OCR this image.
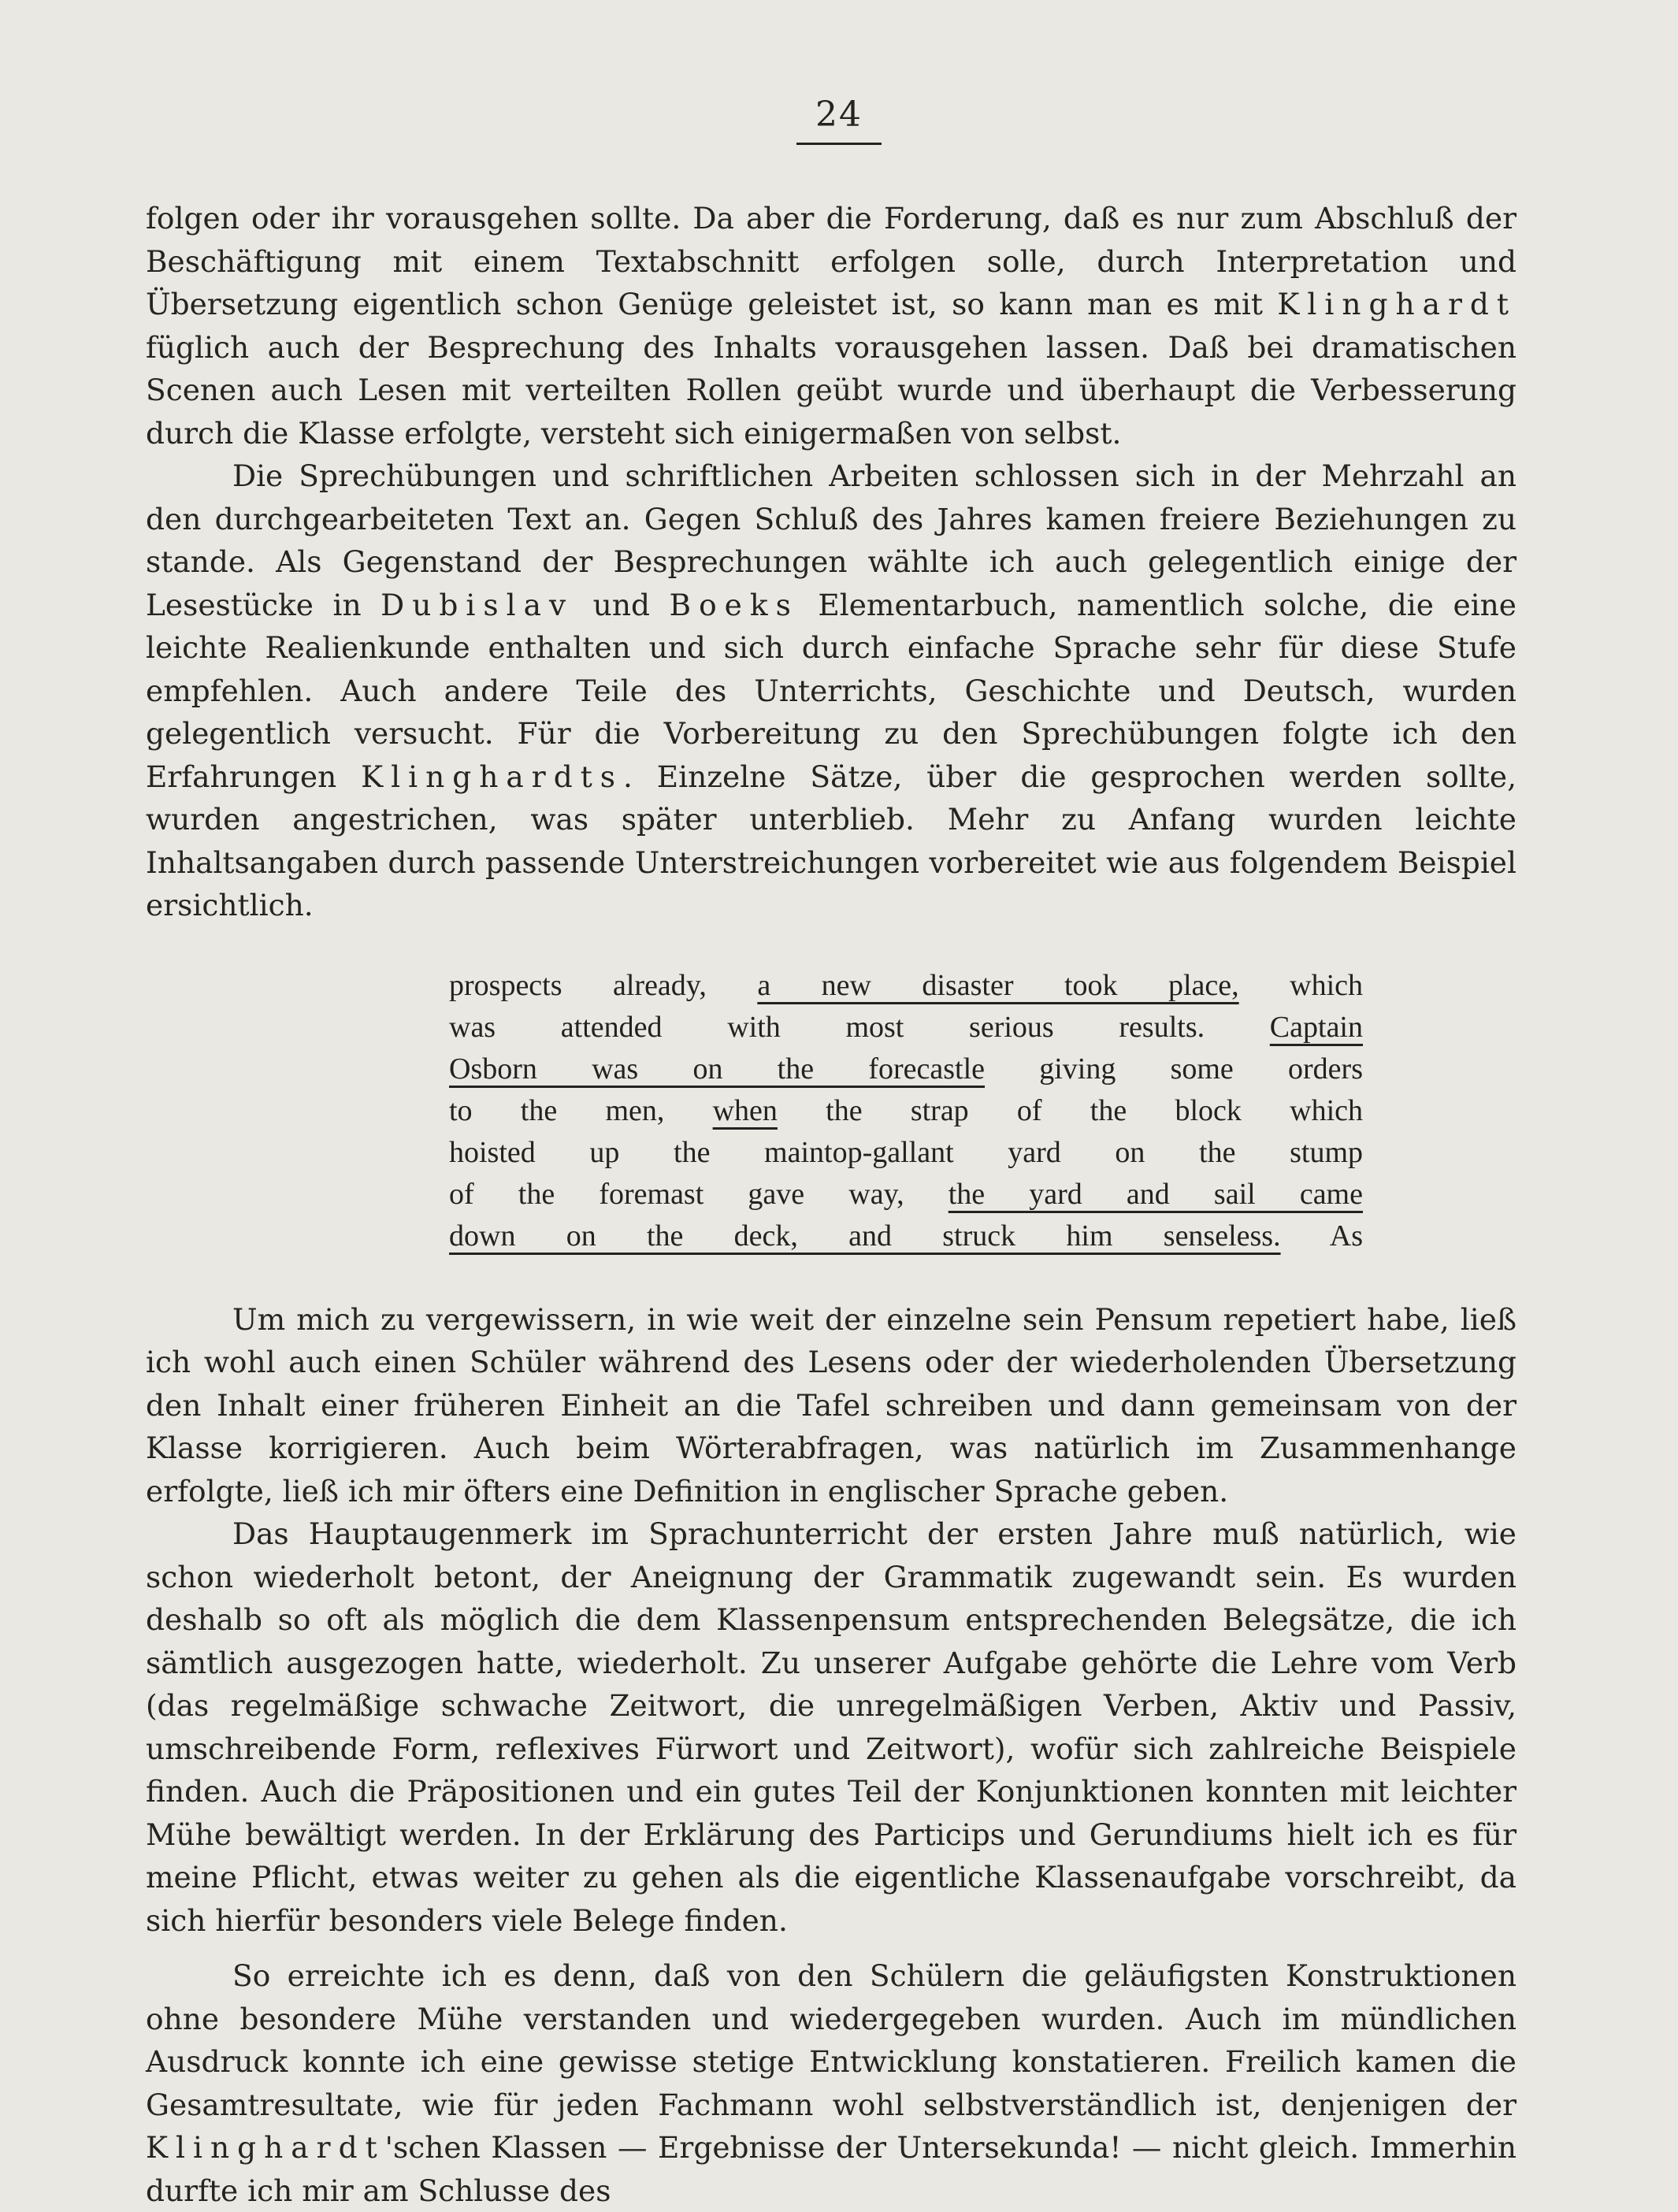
24

folgen oder ihr vorausgehen sollte. Da aber die Forderung, daß es nur zum Abschluß der Beschäftigung mit einem Textabschnitt erfolgen solle, durch Interpretation und Übersetzung eigentlich schon Genüge geleistet ist, so kann man es mit Klinghardt füglich auch der Besprechung des Inhalts vorausgehen lassen. Daß bei dramatischen Scenen auch Lesen mit verteilten Rollen geübt wurde und überhaupt die Verbesserung durch die Klasse erfolgte, versteht sich einigermaßen von selbst.

Die Sprechübungen und schriftlichen Arbeiten schlossen sich in der Mehrzahl an den durchgearbeiteten Text an. Gegen Schluß des Jahres kamen freiere Beziehungen zu stande. Als Gegenstand der Besprechungen wählte ich auch gelegentlich einige der Lesestücke in Dubislav und Boeks Elementarbuch, namentlich solche, die eine leichte Realienkunde enthalten und sich durch einfache Sprache sehr für diese Stufe empfehlen. Auch andere Teile des Unterrichts, Geschichte und Deutsch, wurden gelegentlich versucht. Für die Vorbereitung zu den Sprechübungen folgte ich den Erfahrungen Klinghardts. Einzelne Sätze, über die gesprochen werden sollte, wurden angestrichen, was später unterblieb. Mehr zu Anfang wurden leichte Inhaltsangaben durch passende Unterstreichungen vorbereitet wie aus folgendem Beispiel ersichtlich.

prospects already, a new disaster took place, which
was attended with most serious results. Captain
Osborn was on the forecastle giving some orders
to the men, when the strap of the block which
hoisted up the maintop-gallant yard on the stump
of the foremast gave way, the yard and sail came
down on the deck, and struck him senseless. As

Um mich zu vergewissern, in wie weit der einzelne sein Pensum repetiert habe, ließ ich wohl auch einen Schüler während des Lesens oder der wiederholenden Übersetzung den Inhalt einer früheren Einheit an die Tafel schreiben und dann gemeinsam von der Klasse korrigieren. Auch beim Wörterabfragen, was natürlich im Zusammenhange erfolgte, ließ ich mir öfters eine Definition in englischer Sprache geben.

Das Hauptaugenmerk im Sprachunterricht der ersten Jahre muß natürlich, wie schon wiederholt betont, der Aneignung der Grammatik zugewandt sein. Es wurden deshalb so oft als möglich die dem Klassenpensum entsprechenden Belegsätze, die ich sämtlich ausgezogen hatte, wiederholt. Zu unserer Aufgabe gehörte die Lehre vom Verb (das regelmäßige schwache Zeitwort, die unregelmäßigen Verben, Aktiv und Passiv, umschreibende Form, reflexives Fürwort und Zeitwort), wofür sich zahlreiche Beispiele finden. Auch die Präpositionen und ein gutes Teil der Konjunktionen konnten mit leichter Mühe bewältigt werden. In der Erklärung des Particips und Gerundiums hielt ich es für meine Pflicht, etwas weiter zu gehen als die eigentliche Klassenaufgabe vorschreibt, da sich hierfür besonders viele Belege finden.

So erreichte ich es denn, daß von den Schülern die geläufigsten Konstruktionen ohne besondere Mühe verstanden und wiedergegeben wurden. Auch im mündlichen Ausdruck konnte ich eine gewisse stetige Entwicklung konstatieren. Freilich kamen die Gesamtresultate, wie für jeden Fachmann wohl selbstverständlich ist, denjenigen der Klinghardt'schen Klassen — Ergebnisse der Untersekunda! — nicht gleich. Immerhin durfte ich mir am Schlusse des
